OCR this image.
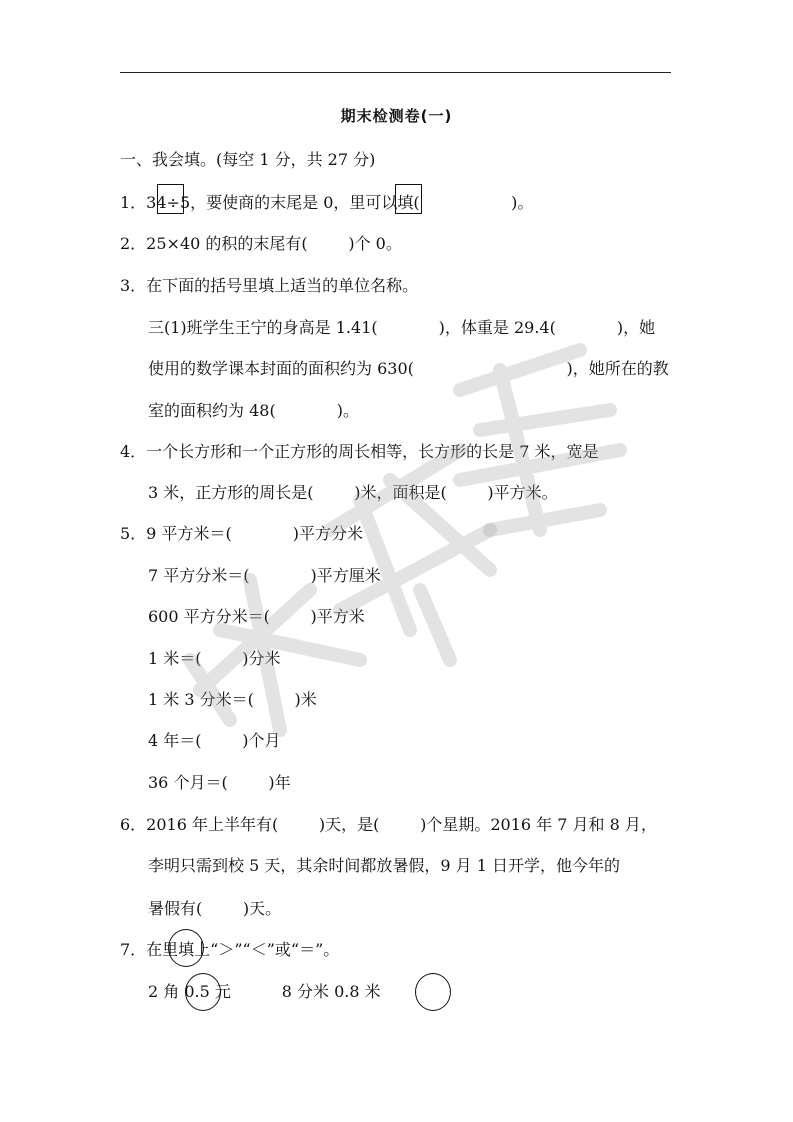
期末检测卷(一)
一、我会填。(每空 1 分，共 27 分)
1．34÷5，要使商的末尾是 0，里可以填(                  )。
2．25×40 的积的末尾有(        )个 0。
3．在下面的括号里填上适当的单位名称。
三(1)班学生王宁的身高是 1.41(            )，体重是 29.4(            )，她
使用的数学课本封面的面积约为 630(                              )，她所在的教
室的面积约为 48(            )。
4．一个长方形和一个正方形的周长相等，长方形的长是 7 米，宽是
3 米，正方形的周长是(        )米，面积是(        )平方米。
5．9 平方米＝(            )平方分米
7 平方分米＝(            )平方厘米
600 平方分米＝(        )平方米
1 米＝(        )分米
1 米 3 分米＝(        )米
4 年＝(        )个月
36 个月＝(        )年
6．2016 年上半年有(        )天，是(        )个星期。2016 年 7 月和 8 月，
李明只需到校 5 天，其余时间都放暑假，9 月 1 日开学，他今年的
暑假有(        )天。
7．在里填上“＞”“＜”或“＝”。
2 角 0.5 元          8 分米 0.8 米
